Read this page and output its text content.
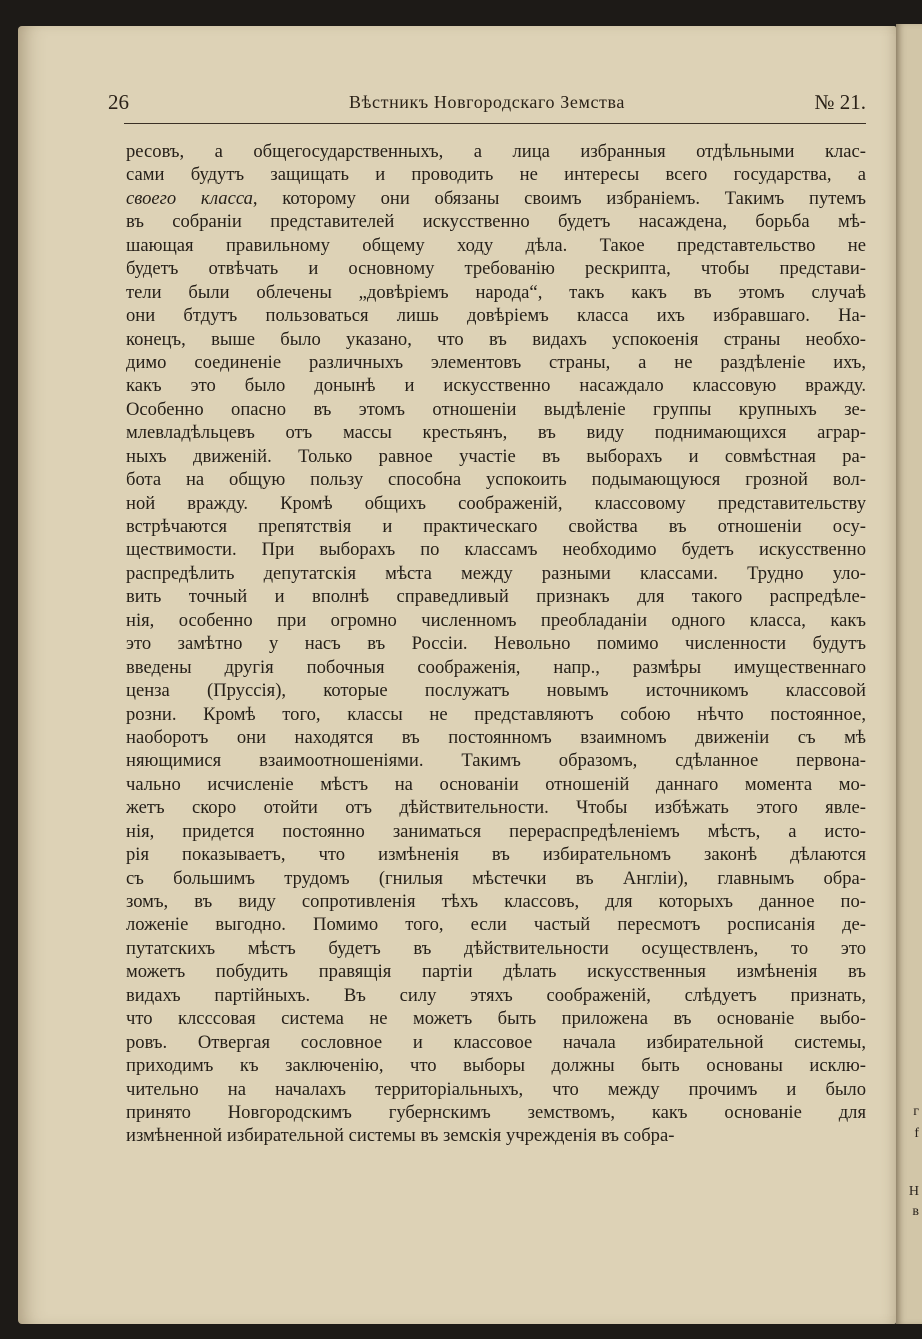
г
f
Н
в
26	Вѣстникъ Новгородскаго Земства	№ 21.
ресовъ, а общегосударственныхъ, а лица избранныя отдѣльными клас-
сами будутъ защищать и проводить не интересы всего государства, а
своего класса, которому они обязаны своимъ избраніемъ. Такимъ путемъ
въ собраніи представителей искусственно будетъ насаждена, борьба мѣ-
шающая правильному общему ходу дѣла. Такое представтельство не
будетъ отвѣчать и основному требованію рескрипта, чтобы представи-
тели были облечены „довѣріемъ народа“, такъ какъ въ этомъ случаѣ
они бтдутъ пользоваться лишь довѣріемъ класса ихъ избравшаго. На-
конецъ, выше было указано, что въ видахъ успокоенія страны необхо-
димо соединеніе различныхъ элементовъ страны, а не раздѣленіе ихъ,
какъ это было донынѣ и искусственно насаждало классовую вражду.
Особенно опасно въ этомъ отношеніи выдѣленіе группы крупныхъ зе-
млевладѣльцевъ отъ массы крестьянъ, въ виду поднимающихся аграр-
ныхъ движеній. Только равное участіе въ выборахъ и совмѣстная ра-
бота на общую пользу способна успокоить подымающуюся грозной вол-
ной вражду. Кромѣ общихъ соображеній, классовому представительству
встрѣчаются препятствія и практическаго свойства въ отношеніи осу-
ществимости. При выборахъ по классамъ необходимо будетъ искусственно
распредѣлить депутатскія мѣста между разными классами. Трудно уло-
вить точный и вполнѣ справедливый признакъ для такого распредѣле-
нія, особенно при огромно численномъ преобладаніи одного класса, какъ
это замѣтно у насъ въ Россіи. Невольно помимо численности будутъ
введены другія побочныя соображенія, напр., размѣры имущественнаго
ценза (Пруссія), которые послужатъ новымъ источникомъ классовой
розни. Кромѣ того, классы не представляютъ собою нѣчто постоянное,
наоборотъ они находятся въ постоянномъ взаимномъ движеніи съ мѣ
няющимися взаимоотношеніями. Такимъ образомъ, сдѣланное первона-
чально исчисленіе мѣстъ на основаніи отношеній даннаго момента мо-
жетъ скоро отойти отъ дѣйствительности. Чтобы избѣжать этого явле-
нія, придется постоянно заниматься перераспредѣленіемъ мѣстъ, а исто-
рія показываетъ, что измѣненія въ избирательномъ законѣ дѣлаются
съ большимъ трудомъ (гнилыя мѣстечки въ Англіи), главнымъ обра-
зомъ, въ виду сопротивленія тѣхъ классовъ, для которыхъ данное по-
ложеніе выгодно. Помимо того, если частый пересмотъ росписанія де-
путатскихъ мѣстъ будетъ въ дѣйствительности осуществленъ, то это
можетъ побудить правящія партіи дѣлать искусственныя измѣненія въ
видахъ партійныхъ. Въ силу этяхъ соображеній, слѣдуетъ признать,
что клсссовая система не можетъ быть приложена въ основаніе выбо-
ровъ. Отвергая сословное и классовое начала избирательной системы,
приходимъ къ заключенію, что выборы должны быть основаны исклю-
чительно на началахъ территоріальныхъ, что между прочимъ и было
принято Новгородскимъ губернскимъ земствомъ, какъ основаніе для
измѣненной избирательной системы въ земскія учрежденія въ собра-
